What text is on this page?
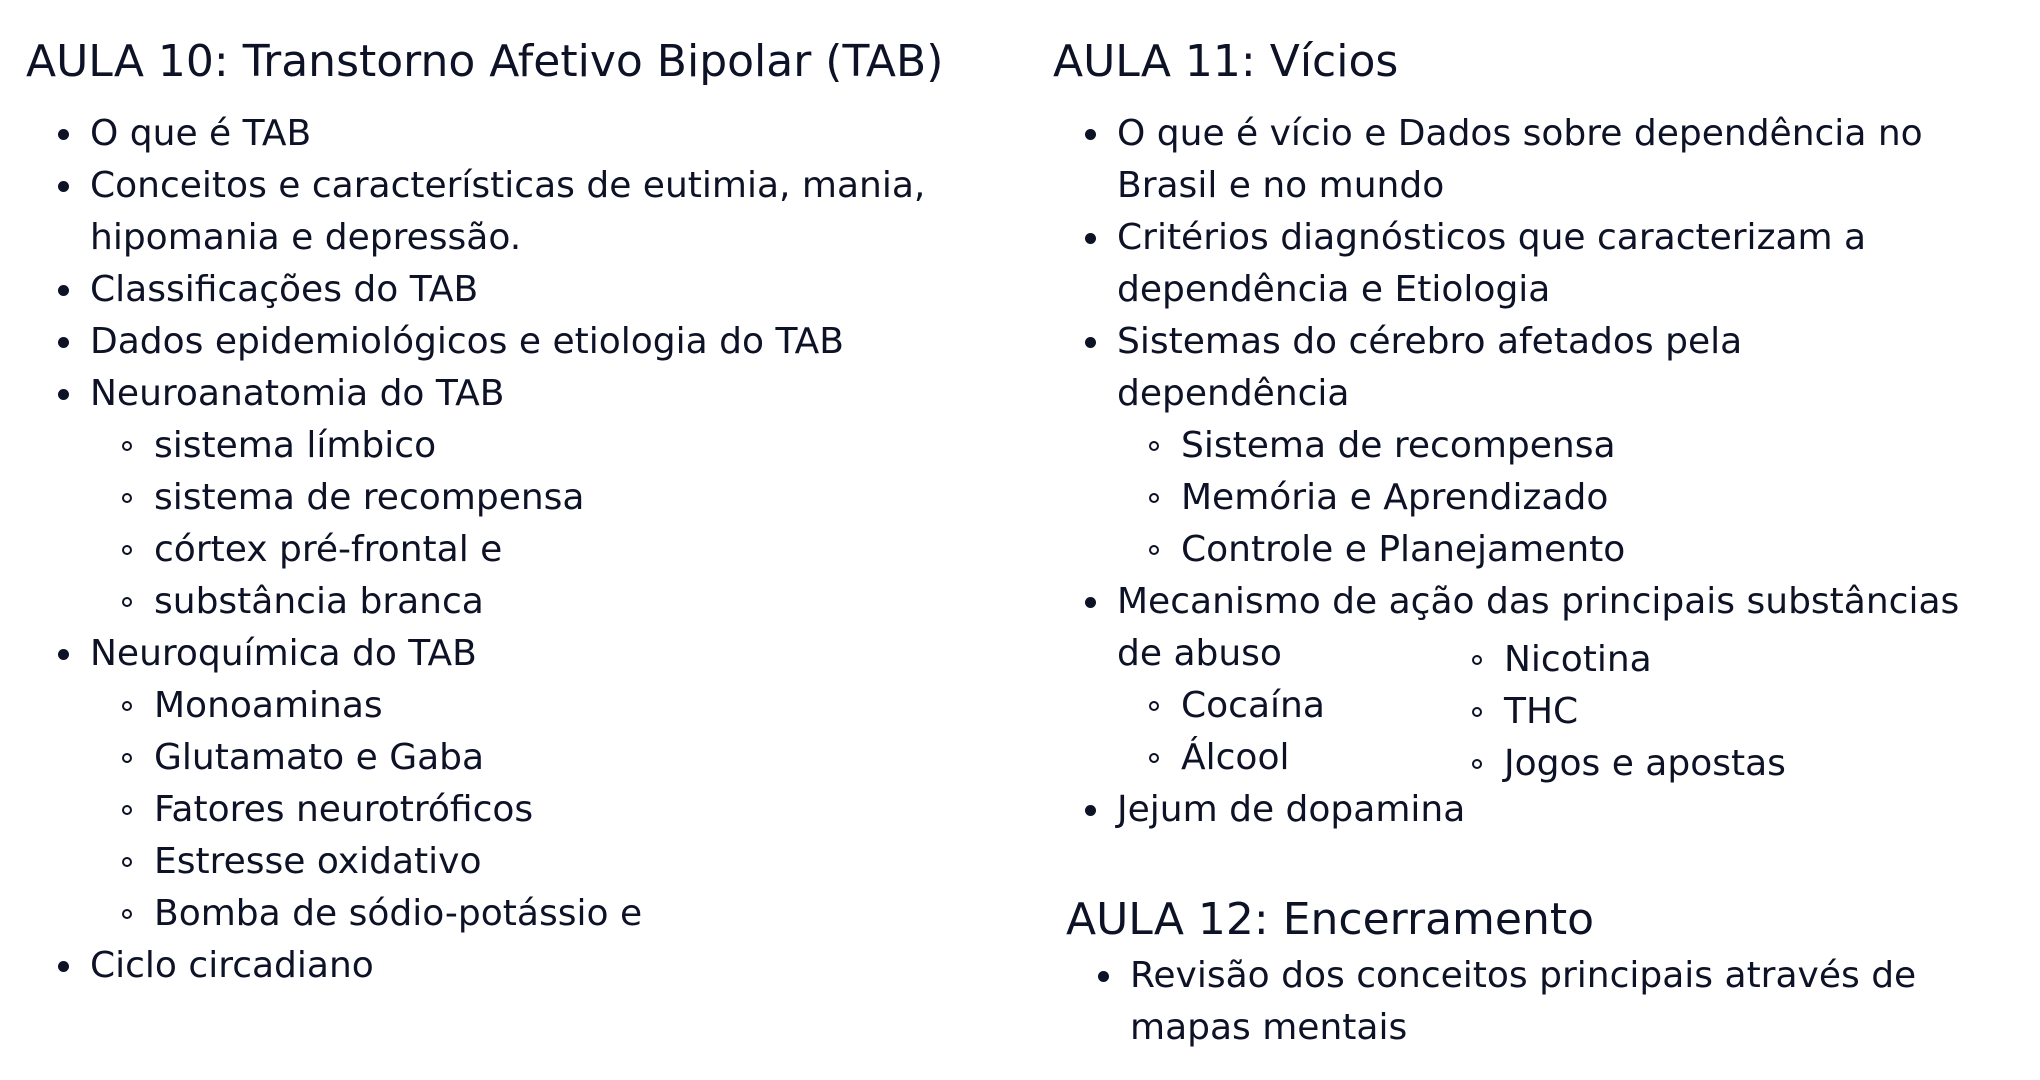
AULA 10: Transtorno Afetivo Bipolar (TAB)
O que é TAB
Conceitos e características de eutimia, mania,
hipomania e depressão.
Classificações do TAB
Dados epidemiológicos e etiologia do TAB
Neuroanatomia do TAB
sistema límbico
sistema de recompensa
córtex pré-frontal e
substância branca
Neuroquímica do TAB
Monoaminas
Glutamato e Gaba
Fatores neurotróficos
Estresse oxidativo
Bomba de sódio-potássio e
Ciclo circadiano
AULA 11: Vícios
O que é vício e Dados sobre dependência no
Brasil e no mundo
Critérios diagnósticos que caracterizam a
dependência e Etiologia
Sistemas do cérebro afetados pela
dependência
Sistema de recompensa
Memória e Aprendizado
Controle e Planejamento
Mecanismo de ação das principais substâncias
de abuso
Cocaína
Álcool
Nicotina
THC
Jogos e apostas
Jejum de dopamina
AULA 12: Encerramento
Revisão dos conceitos principais através de
mapas mentais
